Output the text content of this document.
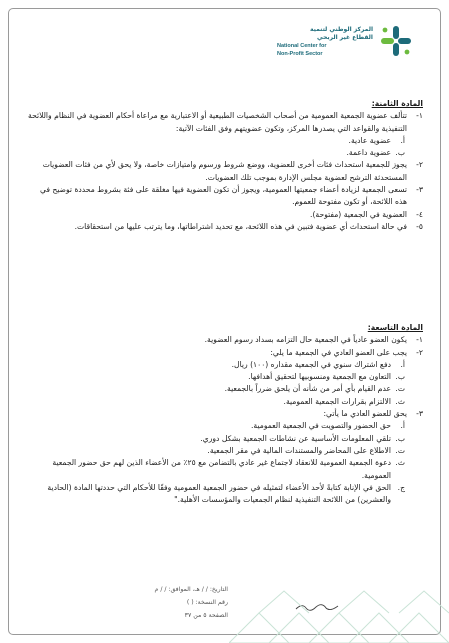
المركز الوطني لتنمية
القطاع غير الربحي
National Center for
Non-Profit Sector
المادة الثامنة:
١-
تتألف عضوية الجمعية العمومية من أصحاب الشخصيات الطبيعية أو الاعتبارية مع مراعاة أحكام العضوية في النظام واللائحة التنفيذية والقواعد التي يصدرها المركز، وتكون عضويتهم وفق الفئات الآتية:
أ.
عضوية عادية.
ب.
عضوية داعمة.
٢-
يجوز للجمعية استحداث فئات أخرى للعضوية، ووضع شروط ورسوم وامتيازات خاصة، ولا يحق لأي من فئات العضويات المستحدثة الترشح لعضوية مجلس الإدارة بموجب تلك العضويات.
٣-
تسعى الجمعية لزيادة أعضاء جمعيتها العمومية، ويجوز أن تكون العضوية فيها مغلقة على فئة بشروط محددة توضيح في هذه اللائحة، أو تكون مفتوحة للعموم.
٤-
العضوية في الجمعية (مفتوحة).
٥-
في حالة استحداث أي عضوية فتبين في هذه اللائحة، مع تحديد اشتراطاتها، وما يترتب عليها من استحقاقات.
المادة التاسعة:
١-
يكون العضو عادياً في الجمعية حال التزامه بسداد رسوم العضوية.
٢-
يجب على العضو العادي في الجمعية ما يلي:
أ.
دفع اشتراك سنوي في الجمعية مقداره (١٠٠) ريال.
ب.
التعاون مع الجمعية ومنسوبيها لتحقيق أهدافها.
ت.
عدم القيام بأي أمر من شأنه أن يلحق ضرراً بالجمعية.
ث.
الالتزام بقرارات الجمعية العمومية.
٣-
يحق للعضو العادي ما يأتي:
أ.
حق الحضور والتصويت في الجمعية العمومية.
ب.
تلقي المعلومات الأساسية عن نشاطات الجمعية بشكل دوري.
ت.
الاطلاع على المحاضر والمستندات المالية في مقر الجمعية.
ث.
دعوة الجمعية العمومية للانعقاد لاجتماع غير عادي بالتضامن مع ٢٥٪ من الأعضاء الذين لهم حق حضور الجمعية العمومية.
ج.
الحق في الإنابة كتابةً لأحد الأعضاء لتمثيله في حضور الجمعية العمومية وفقًا للأحكام التي حددتها المادة (الحادية والعشرين) من اللائحة التنفيذية لنظام الجمعيات والمؤسسات الأهلية."
التاريخ: / / هـ، الموافق: / / م
رقم النسخة: ( )
الصفحة ٥ من ٣٧
